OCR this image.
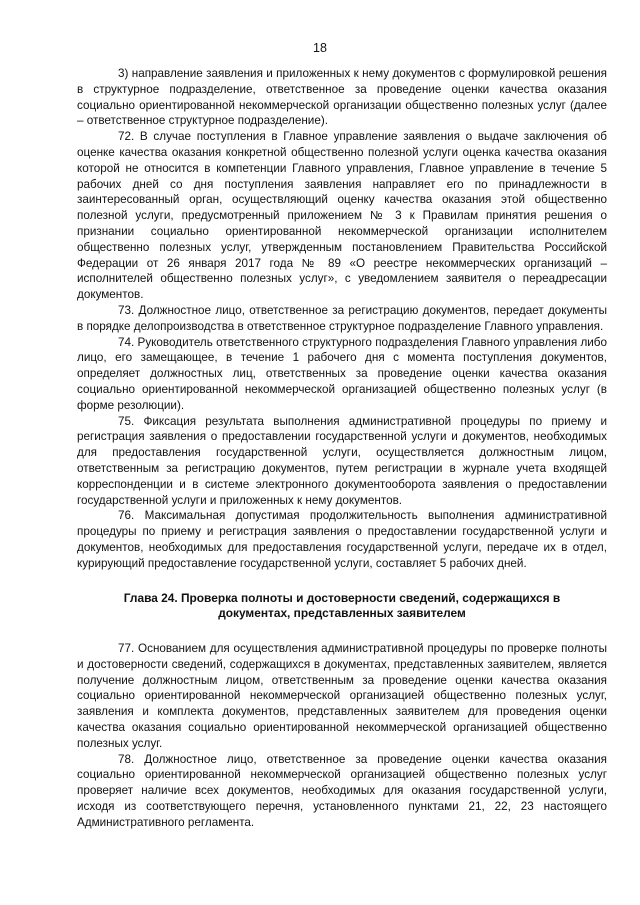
18

3) направление заявления и приложенных к нему документов с формулировкой решения в структурное подразделение, ответственное за проведение оценки качества оказания социально ориентированной некоммерческой организации общественно полезных услуг (далее – ответственное структурное подразделение).

72. В случае поступления в Главное управление заявления о выдаче заключения об оценке качества оказания конкретной общественно полезной услуги оценка качества оказания которой не относится в компетенции Главного управления, Главное управление в течение 5 рабочих дней со дня поступления заявления направляет его по принадлежности в заинтересованный орган, осуществляющий оценку качества оказания этой общественно полезной услуги, предусмотренный приложением № 3 к Правилам принятия решения о признании социально ориентированной некоммерческой организации исполнителем общественно полезных услуг, утвержденным постановлением Правительства Российской Федерации от 26 января 2017 года № 89 «О реестре некоммерческих организаций – исполнителей общественно полезных услуг», с уведомлением заявителя о переадресации документов.

73. Должностное лицо, ответственное за регистрацию документов, передает документы в порядке делопроизводства в ответственное структурное подразделение Главного управления.

74. Руководитель ответственного структурного подразделения Главного управления либо лицо, его замещающее, в течение 1 рабочего дня с момента поступления документов, определяет должностных лиц, ответственных за проведение оценки качества оказания социально ориентированной некоммерческой организацией общественно полезных услуг (в форме резолюции).

75. Фиксация результата выполнения административной процедуры по приему и регистрация заявления о предоставлении государственной услуги и документов, необходимых для предоставления государственной услуги, осуществляется должностным лицом, ответственным за регистрацию документов, путем регистрации в журнале учета входящей корреспонденции и в системе электронного документооборота заявления о предоставлении государственной услуги и приложенных к нему документов.

76. Максимальная допустимая продолжительность выполнения административной процедуры по приему и регистрация заявления о предоставлении государственной услуги и документов, необходимых для предоставления государственной услуги, передаче их в отдел, курирующий предоставление государственной услуги, составляет 5 рабочих дней.

Глава 24. Проверка полноты и достоверности сведений, содержащихся в документах, представленных заявителем

77. Основанием для осуществления административной процедуры по проверке полноты и достоверности сведений, содержащихся в документах, представленных заявителем, является получение должностным лицом, ответственным за проведение оценки качества оказания социально ориентированной некоммерческой организацией общественно полезных услуг, заявления и комплекта документов, представленных заявителем для проведения оценки качества оказания социально ориентированной некоммерческой организацией общественно полезных услуг.

78. Должностное лицо, ответственное за проведение оценки качества оказания социально ориентированной некоммерческой организацией общественно полезных услуг проверяет наличие всех документов, необходимых для оказания государственной услуги, исходя из соответствующего перечня, установленного пунктами 21, 22, 23 настоящего Административного регламента.
